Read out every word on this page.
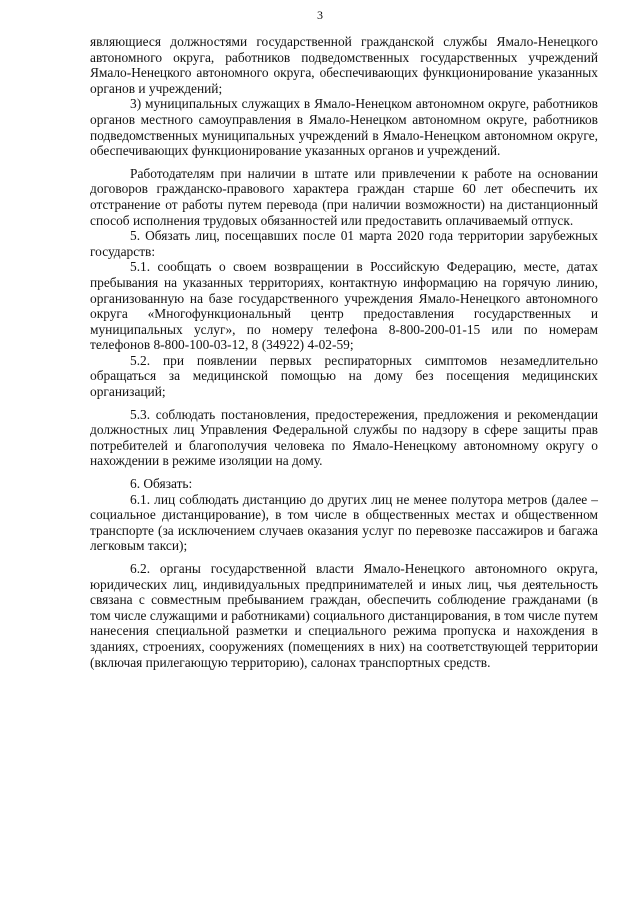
3

являющиеся должностями государственной гражданской службы Ямало-Ненецкого автономного округа, работников подведомственных государственных учреждений Ямало-Ненецкого автономного округа, обеспечивающих функционирование указанных органов и учреждений;

3) муниципальных служащих в Ямало-Ненецком автономном округе, работников органов местного самоуправления в Ямало-Ненецком автономном округе, работников подведомственных муниципальных учреждений в Ямало-Ненецком автономном округе, обеспечивающих функционирование указанных органов и учреждений.

Работодателям при наличии в штате или привлечении к работе на основании договоров гражданско-правового характера граждан старше 60 лет обеспечить их отстранение от работы путем перевода (при наличии возможности) на дистанционный способ исполнения трудовых обязанностей или предоставить оплачиваемый отпуск.

5. Обязать лиц, посещавших после 01 марта 2020 года территории зарубежных государств:

5.1. сообщать о своем возвращении в Российскую Федерацию, месте, датах пребывания на указанных территориях, контактную информацию на горячую линию, организованную на базе государственного учреждения Ямало-Ненецкого автономного округа «Многофункциональный центр предоставления государственных и муниципальных услуг», по номеру телефона 8-800-200-01-15 или по номерам телефонов 8-800-100-03-12, 8 (34922) 4-02-59;

5.2. при появлении первых респираторных симптомов незамедлительно обращаться за медицинской помощью на дому без посещения медицинских организаций;

5.3. соблюдать постановления, предостережения, предложения и рекомендации должностных лиц Управления Федеральной службы по надзору в сфере защиты прав потребителей и благополучия человека по Ямало-Ненецкому автономному округу о нахождении в режиме изоляции на дому.

6. Обязать:

6.1. лиц соблюдать дистанцию до других лиц не менее полутора метров (далее – социальное дистанцирование), в том числе в общественных местах и общественном транспорте (за исключением случаев оказания услуг по перевозке пассажиров и багажа легковым такси);

6.2. органы государственной власти Ямало-Ненецкого автономного округа, юридических лиц, индивидуальных предпринимателей и иных лиц, чья деятельность связана с совместным пребыванием граждан, обеспечить соблюдение гражданами (в том числе служащими и работниками) социального дистанцирования, в том числе путем нанесения специальной разметки и специального режима пропуска и нахождения в зданиях, строениях, сооружениях (помещениях в них) на соответствующей территории (включая прилегающую территорию), салонах транспортных средств.
